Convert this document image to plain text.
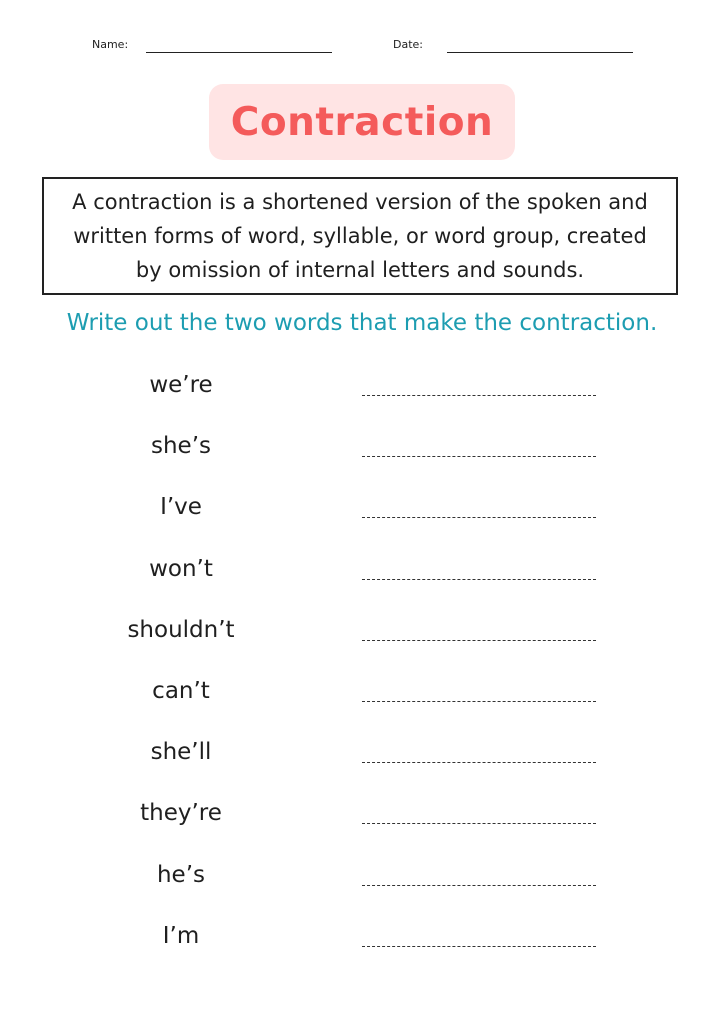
Name:	Date:
Contraction
A contraction is a shortened version of the spoken and written forms of word, syllable, or word group, created by omission of internal letters and sounds.
Write out the two words that make the contraction.
we’re
she’s
I’ve
won’t
shouldn’t
can’t
she’ll
they’re
he’s
I’m
